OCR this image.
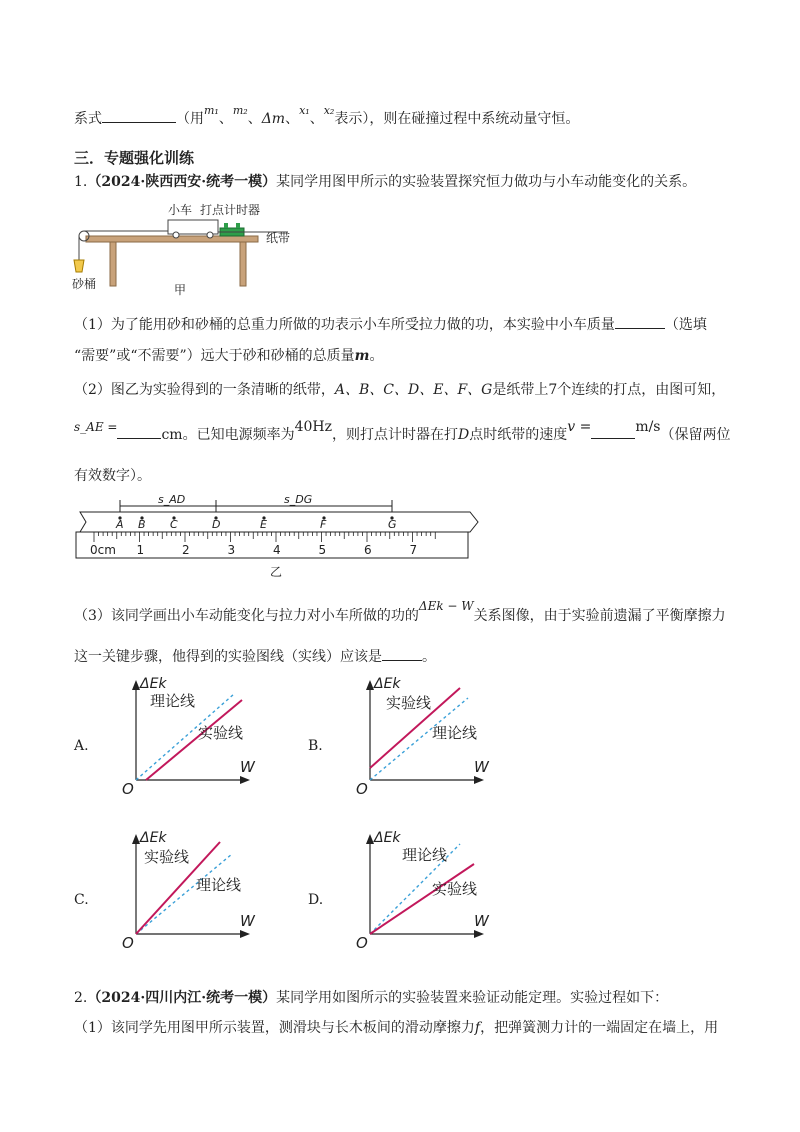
系式	（用$^{m_1}$、$^{m_2}$、Δm、$^{x_1}$、$^{x_2}$表示），则在碰撞过程中系统动量守恒。
三．专题强化训练
1.（2024·陕西西安·统考一模）某同学用图甲所示的实验装置探究恒力做功与小车动能变化的关系。
小车 打点计时器
纸带
砂桶	甲
（1）为了能用砂和砂桶的总重力所做的功表示小车所受拉力做的功，本实验中小车质量	（选填
“需要”或“不需要”）远大于砂和砂桶的总质量m。
（2）图乙为实验得到的一条清晰的纸带，A、B、C、D、E、F、G是纸带上7个连续的打点，由图可知，
s_AE =	cm。已知电源频率为40Hz，则打点计时器在打D点时纸带的速度v =	m/s（保留两位
有效数字）。
s_AD	s_DG
A B C	D	E	F	G
0cm 1	2	3	4	5	6	7
乙
（3）该同学画出小车动能变化与拉力对小车所做的功的ΔEk − W关系图像，由于实验前遗漏了平衡摩擦力
这一关键步骤，他得到的实验图线（实线）应该是	。
A.
理论线
实验线
ΔEk
W
O
B.
理论线
实验线
ΔEk
W
O
C.
理论线
实验线
ΔEk
W
O
D.
理论线
实验线
ΔEk
W
O
2.（2024·四川内江·统考一模）某同学用如图所示的实验装置来验证动能定理。实验过程如下：
（1）该同学先用图甲所示装置，测滑块与长木板间的滑动摩擦力f，把弹簧测力计的一端固定在墙上，用
